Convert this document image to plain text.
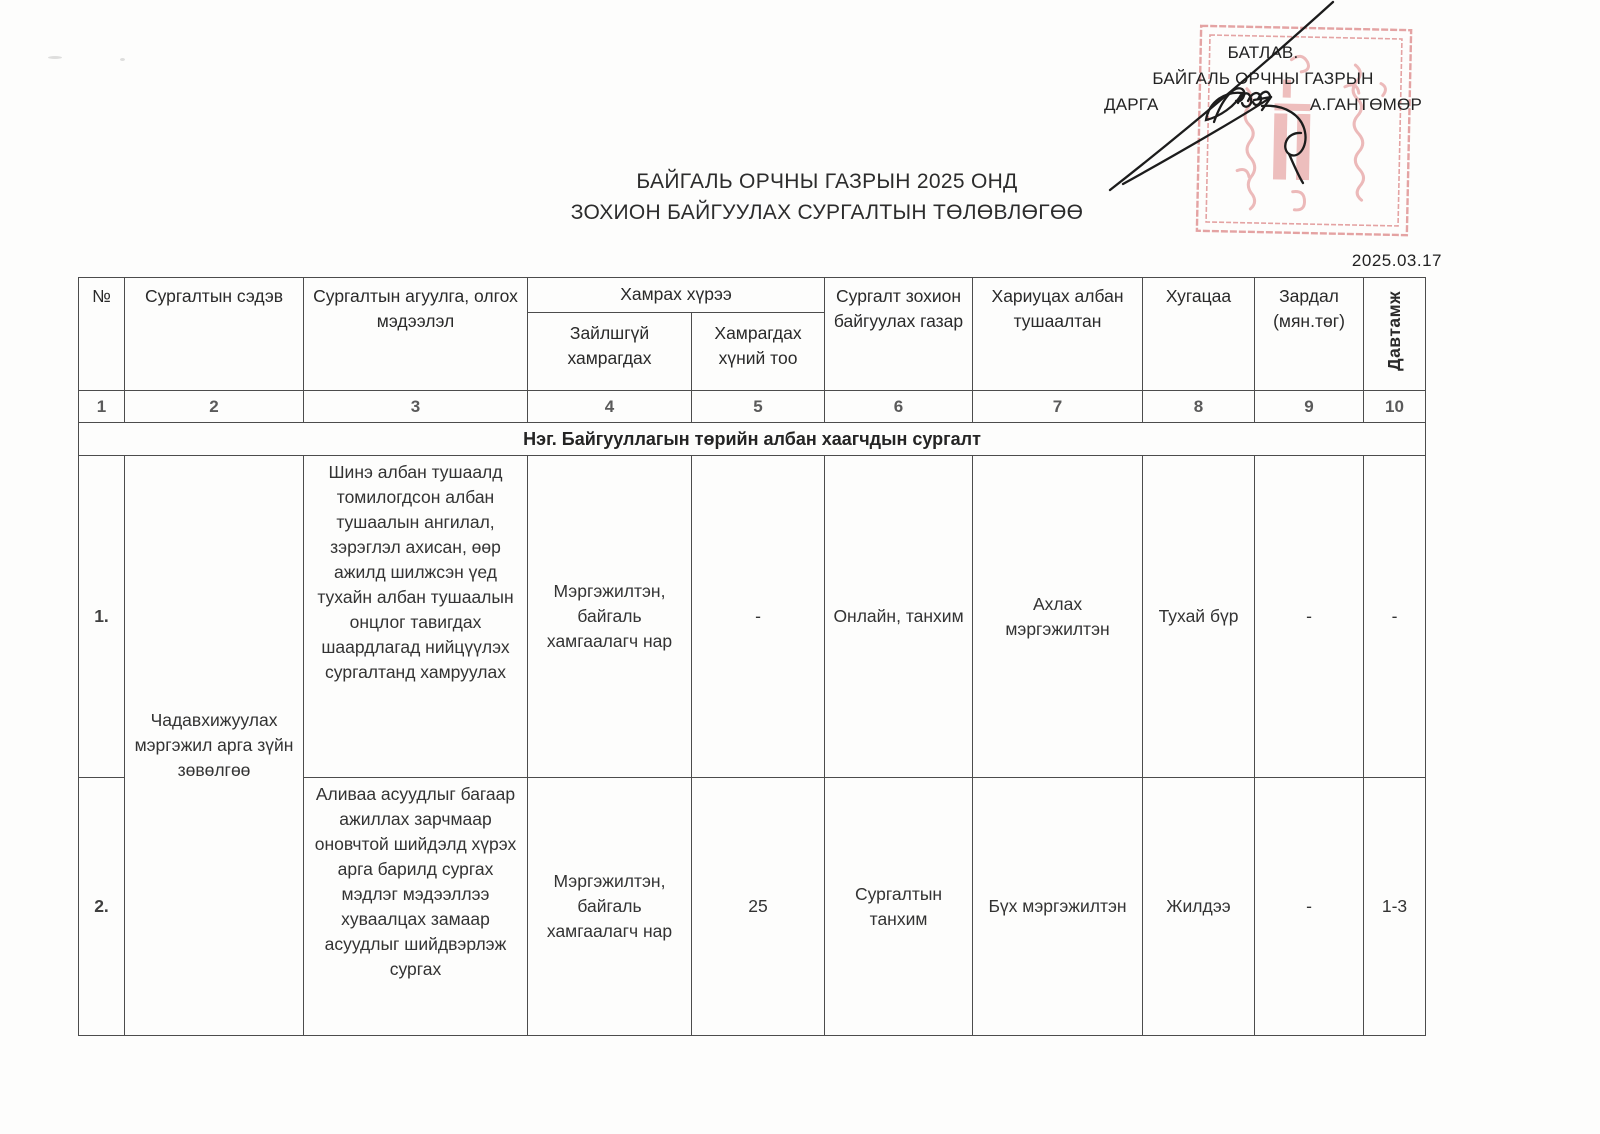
БАТЛАВ.
БАЙГАЛЬ ОРЧНЫ ГАЗРЫН
ДАРГА	А.ГАНТӨМӨР
БАЙГАЛЬ ОРЧНЫ ГАЗРЫН 2025 ОНД
ЗОХИОН БАЙГУУЛАХ СУРГАЛТЫН ТӨЛӨВЛӨГӨӨ
2025.03.17
№	Сургалтын сэдэв	Сургалтын агуулга, олгох мэдээлэл	Хамрах хүрээ		Сургалт зохион байгуулах газар	Хариуцах албан тушаалтан	Хугацаа	Зардал (мян.төг)	Давтамж
			Зайлшгүй хамрагдах	Хамрагдах хүний тоо					
1	2	3	4	5	6	7	8	9	10
Нэг. Байгууллагын төрийн албан хаагчдын сургалт									
1.	Чадавхижуулах мэргэжил арга зүйн зөвөлгөө	Шинэ албан тушаалд томилогдсон албан тушаалын ангилал, зэрэглэл ахисан, өөр ажилд шилжсэн үед тухайн албан тушаалын онцлог тавигдах шаардлагад нийцүүлэх сургалтанд хамруулах	Мэргэжилтэн, байгаль хамгаалагч нар	-	Онлайн, танхим	Ахлах мэргэжилтэн	Тухай бүр	-	-
2.		Аливаа асуудлыг багаар ажиллах зарчмаар оновчтой шийдэлд хүрэх арга барилд сургах мэдлэг мэдээллээ хуваалцах замаар асуудлыг шийдвэрлэж сургах	Мэргэжилтэн, байгаль хамгаалагч нар	25	Сургалтын танхим	Бүх мэргэжилтэн	Жилдээ	-	1-3
